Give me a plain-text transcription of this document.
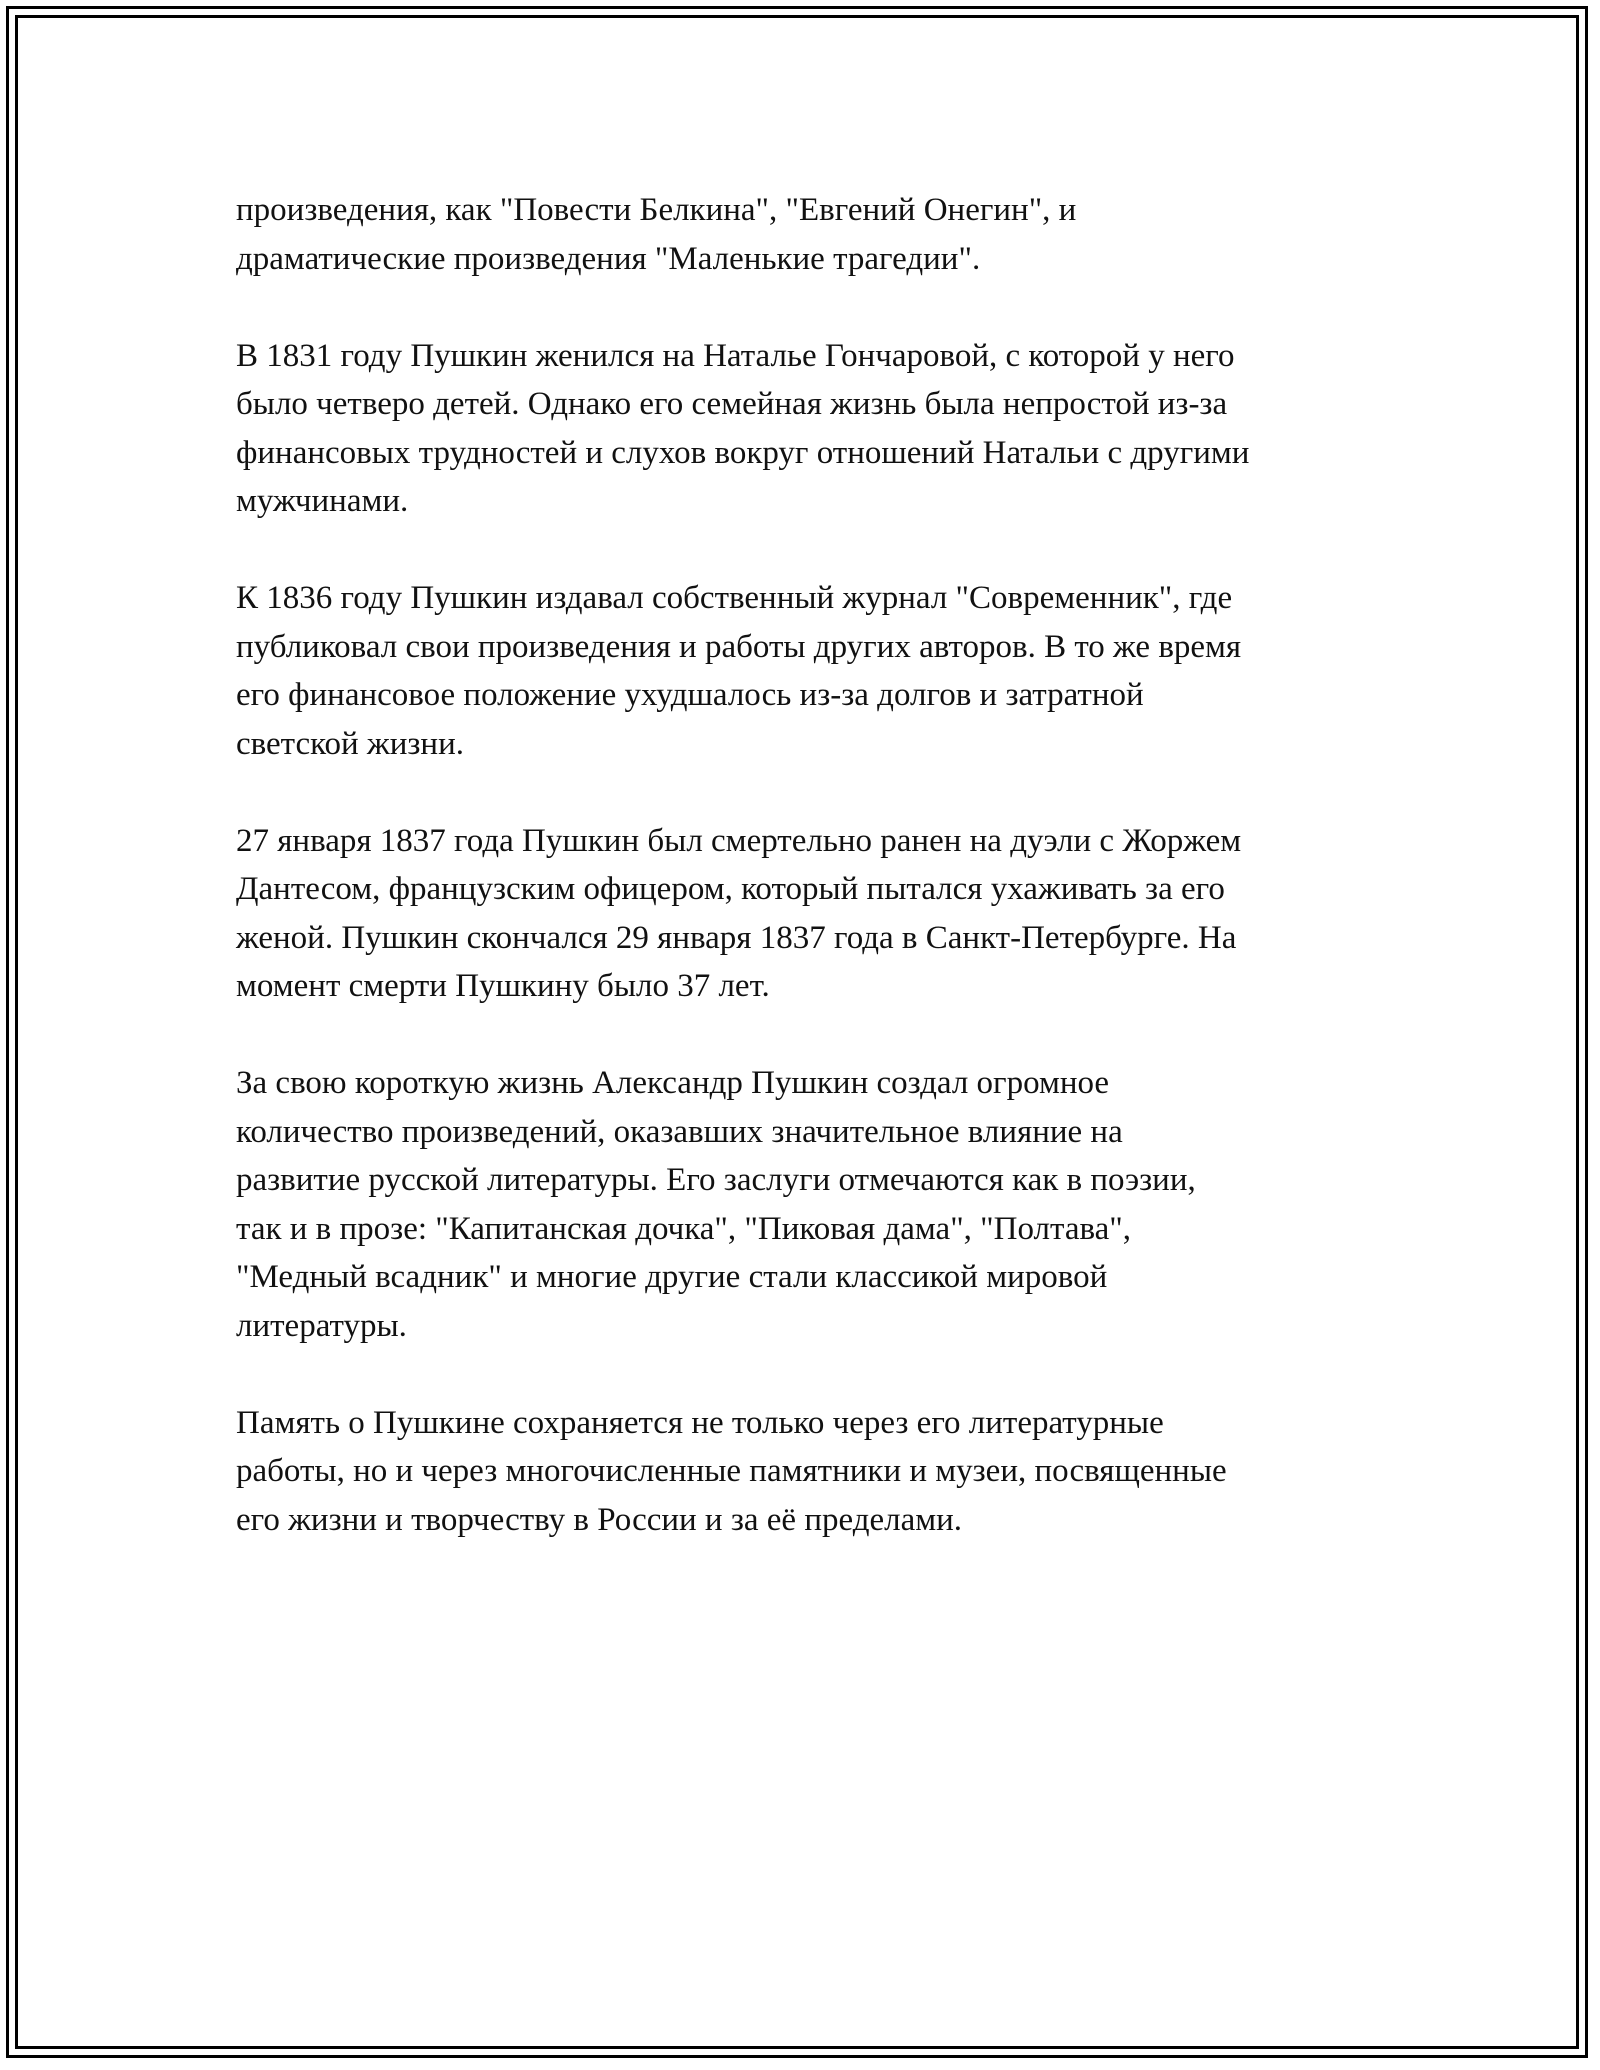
произведения, как "Повести Белкина", "Евгений Онегин", и
драматические произведения "Маленькие трагедии".

В 1831 году Пушкин женился на Наталье Гончаровой, с которой у него
было четверо детей. Однако его семейная жизнь была непростой из-за
финансовых трудностей и слухов вокруг отношений Натальи с другими
мужчинами.

К 1836 году Пушкин издавал собственный журнал "Современник", где
публиковал свои произведения и работы других авторов. В то же время
его финансовое положение ухудшалось из-за долгов и затратной
светской жизни.

27 января 1837 года Пушкин был смертельно ранен на дуэли с Жоржем
Дантесом, французским офицером, который пытался ухаживать за его
женой. Пушкин скончался 29 января 1837 года в Санкт-Петербурге. На
момент смерти Пушкину было 37 лет.

За свою короткую жизнь Александр Пушкин создал огромное
количество произведений, оказавших значительное влияние на
развитие русской литературы. Его заслуги отмечаются как в поэзии,
так и в прозе: "Капитанская дочка", "Пиковая дама", "Полтава",
"Медный всадник" и многие другие стали классикой мировой
литературы.

Память о Пушкине сохраняется не только через его литературные
работы, но и через многочисленные памятники и музеи, посвященные
его жизни и творчеству в России и за её пределами.
